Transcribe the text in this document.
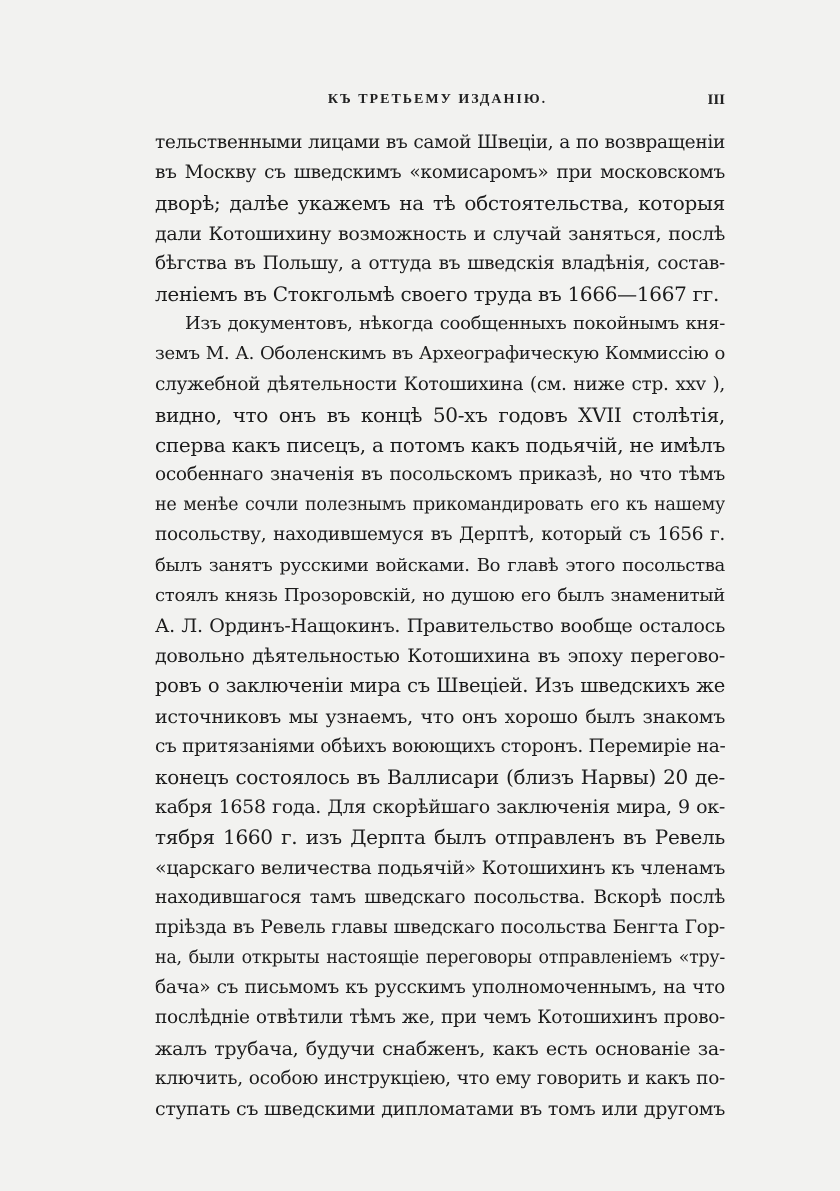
КЪ ТРЕТЬЕМУ ИЗДАНІЮ.	III
тельственными лицами въ самой Швеціи, а по возвращеніи
въ Москву съ шведскимъ «комисаромъ» при московскомъ
дворѣ; далѣе укажемъ на тѣ обстоятельства, которыя
дали Котошихину возможность и случай заняться, послѣ
бѣгства въ Польшу, а оттуда въ шведскія владѣнія, состав-
леніемъ въ Стокгольмѣ своего труда въ 1666—1667 гг.
Изъ документовъ, нѣкогда сообщенныхъ покойнымъ кня-
земъ М. А. Оболенскимъ въ Археографическую Коммиссію о
служебной дѣятельности Котошихина (см. ниже стр. xxv ),
видно, что онъ въ концѣ 50-хъ годовъ XVII столѣтія,
сперва какъ писецъ, а потомъ какъ подьячій, не имѣлъ
особеннаго значенія въ посольскомъ приказѣ, но что тѣмъ
не менѣе сочли полезнымъ прикомандировать его къ нашему
посольству, находившемуся въ Дерптѣ, который съ 1656 г.
былъ занятъ русскими войсками. Во главѣ этого посольства
стоялъ князь Прозоровскій, но душою его былъ знаменитый
А. Л. Ординъ-Нащокинъ. Правительство вообще осталось
довольно дѣятельностью Котошихина въ эпоху перегово-
ровъ о заключеніи мира съ Швеціей. Изъ шведскихъ же
источниковъ мы узнаемъ, что онъ хорошо былъ знакомъ
съ притязаніями обѣихъ воюющихъ сторонъ. Перемиріе на-
конецъ состоялось въ Валлисари (близъ Нарвы) 20 де-
кабря 1658 года. Для скорѣйшаго заключенія мира, 9 ок-
тября 1660 г. изъ Дерпта былъ отправленъ въ Ревель
«царскаго величества подьячій» Котошихинъ къ членамъ
находившагося тамъ шведскаго посольства. Вскорѣ послѣ
пріѣзда въ Ревель главы шведскаго посольства Бенгта Гор-
на, были открыты настоящіе переговоры отправленіемъ «тру-
бача» съ письмомъ къ русскимъ уполномоченнымъ, на что
послѣдніе отвѣтили тѣмъ же, при чемъ Котошихинъ прово-
жалъ трубача, будучи снабженъ, какъ есть основаніе за-
ключить, особою инструкціею, что ему говорить и какъ по-
ступать съ шведскими дипломатами въ томъ или другомъ
